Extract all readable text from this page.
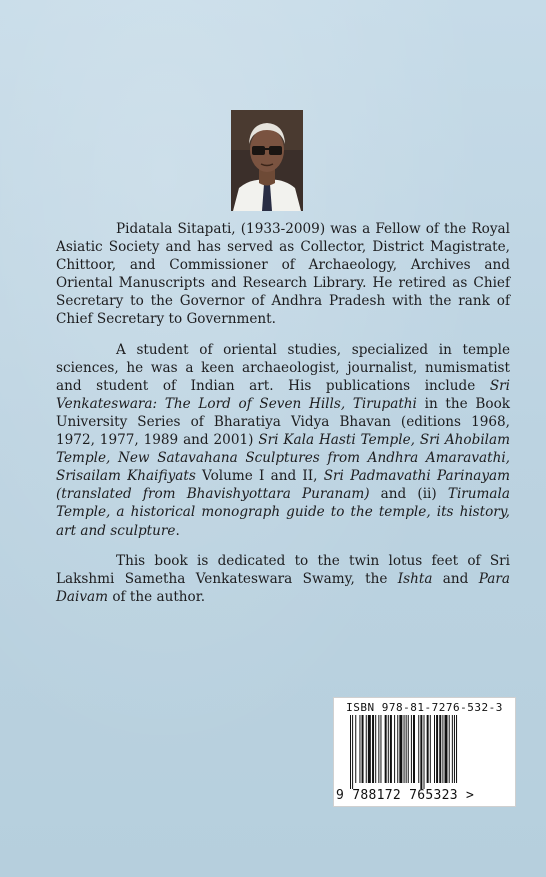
Pidatala Sitapati, (1933-2009) was a Fellow of the Royal Asiatic Society and has served as Collector, District Magistrate, Chittoor, and Commissioner of Archaeology, Archives and Oriental Manuscripts and Research Library. He retired as Chief Secretary to the Governor of Andhra Pradesh with the rank of Chief Secretary to Government.

A student of oriental studies, specialized in temple sciences, he was a keen archaeologist, journalist, numismatist and student of Indian art. His publications include Sri Venkateswara: The Lord of Seven Hills, Tirupathi in the Book University Series of Bharatiya Vidya Bhavan (editions 1968, 1972, 1977, 1989 and 2001) Sri Kala Hasti Temple, Sri Ahobilam Temple, New Satavahana Sculptures from Andhra Amaravathi, Srisailam Khaifiyats Volume I and II, Sri Padmavathi Parinayam (translated from Bhavishyottara Puranam) and (ii) Tirumala Temple, a historical monograph guide to the temple, its history, art and sculpture.

This book is dedicated to the twin lotus feet of Sri Lakshmi Sametha Venkateswara Swamy, the Ishta and Para Daivam of the author.

ISBN 978-81-7276-532-3
9 788172 765323 >
